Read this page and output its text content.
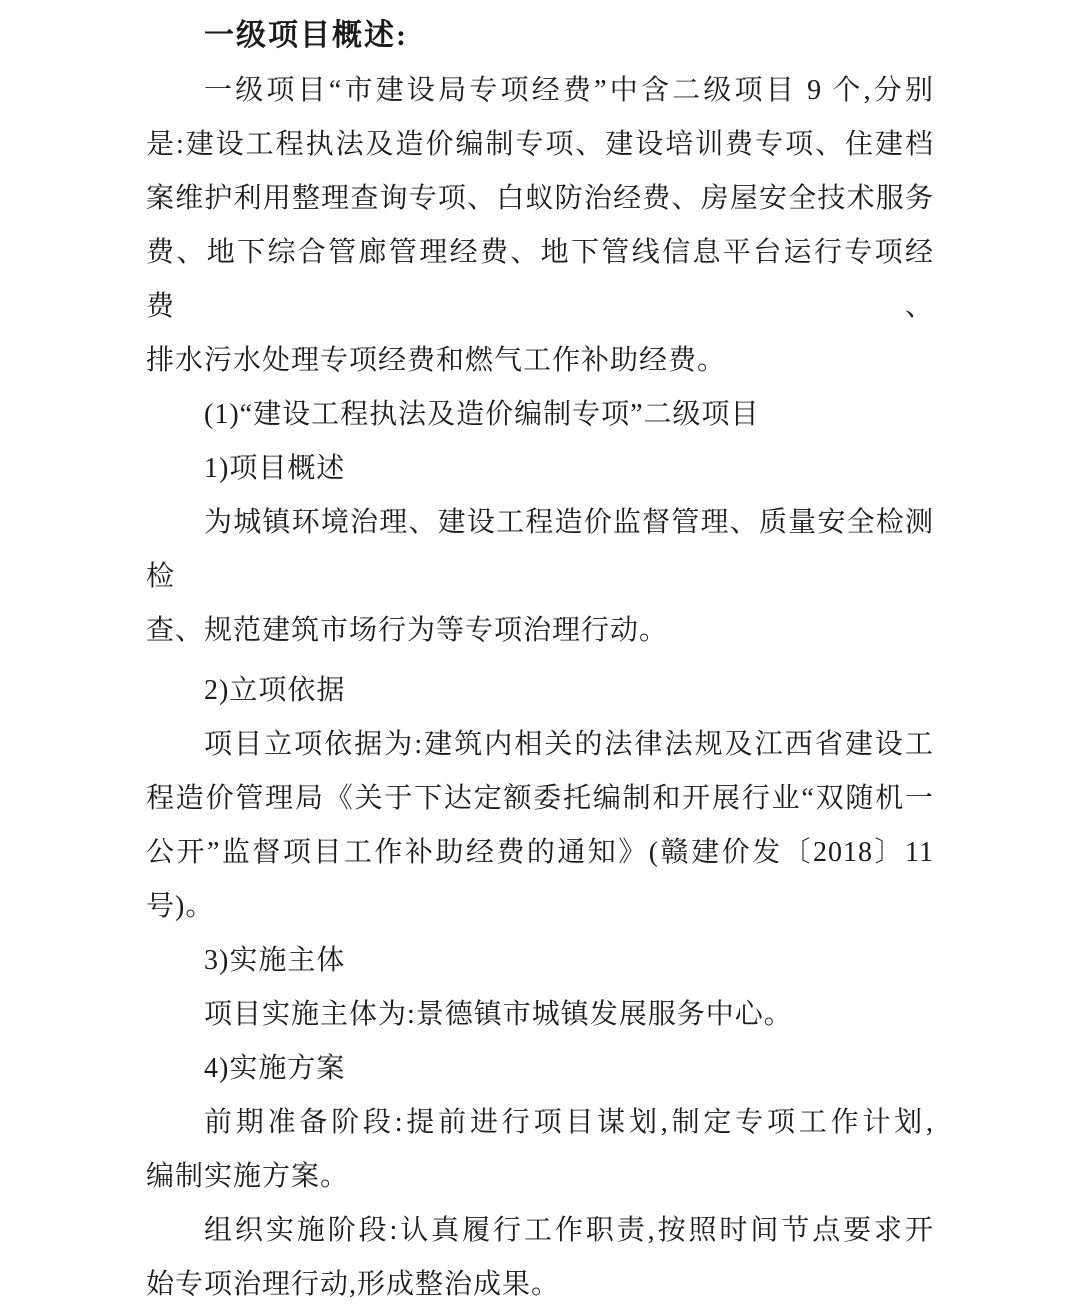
一级项目概述:

一级项目“市建设局专项经费”中含二级项目 9 个,分别

是:建设工程执法及造价编制专项、建设培训费专项、住建档

案维护利用整理查询专项、白蚁防治经费、房屋安全技术服务

费、地下综合管廊管理经费、地下管线信息平台运行专项经费、

排水污水处理专项经费和燃气工作补助经费。

(1)“建设工程执法及造价编制专项”二级项目

1)项目概述

为城镇环境治理、建设工程造价监督管理、质量安全检测检

查、规范建筑市场行为等专项治理行动。

2)立项依据

项目立项依据为:建筑内相关的法律法规及江西省建设工

程造价管理局《关于下达定额委托编制和开展行业“双随机一

公开”监督项目工作补助经费的通知》(赣建价发〔2018〕11

号)。

3)实施主体

项目实施主体为:景德镇市城镇发展服务中心。

4)实施方案

前期准备阶段:提前进行项目谋划,制定专项工作计划,

编制实施方案。

组织实施阶段:认真履行工作职责,按照时间节点要求开

始专项治理行动,形成整治成果。
